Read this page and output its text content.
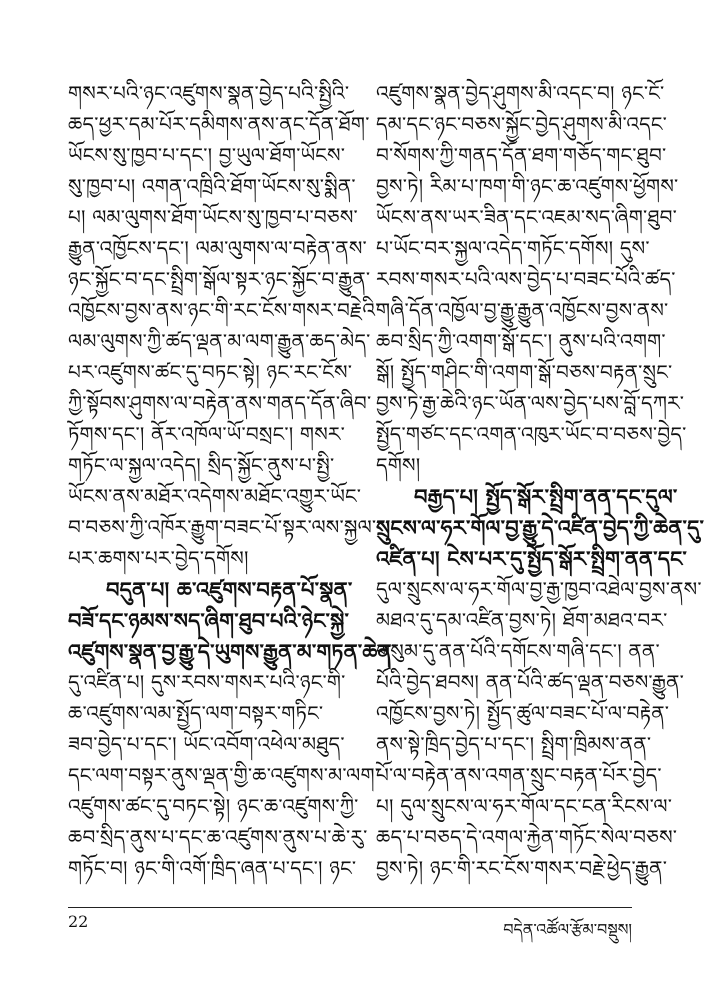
གསར་པའི་ཉང་འཛུགས་སྣན་བྱེད་པའི་སྤྱིའི་
ཆད་ཕྱར་དམ་པོར་དམིགས་ནས་ནང་དོན་ཐོག་
ཡོངས་སུ་ཁྱབ་པ་དང་། བྱ་ཡུལ་ཐོག་ཡོངས་
སུ་ཁྱབ་པ། འགན་འཁྲིའི་ཐོག་ཡོངས་སུ་སྨིན་
པ། ལམ་ལུགས་ཐོག་ཡོངས་སུ་ཁྱབ་པ་བཅས་
རྒྱུན་འཁྱོངས་དང་། ལམ་ལུགས་ལ་བརྟེན་ནས་
ཉང་སྐྱོང་བ་དང་སྤྲིག་སྒོལ་སྟར་ཉང་སྐྱོང་བ་རྒྱུན་
འཁྱོངས་བྱས་ནས་ཉང་གི་རང་ངོས་གསར་བརྗེའི་
ལམ་ལུགས་ཀྱི་ཚད་ལྡན་མ་ལག་རྒྱུན་ཆད་མེད་
པར་འཛུགས་ཚང་དུ་བཏང་སྟེ། ཉང་རང་ངོས་
ཀྱི་སྟོབས་ཤུགས་ལ་བརྟེན་ནས་གནད་དོན་ཞིབ་
ཏོགས་དང་། ནོར་འཁོལ་ཡོ་བསྲང་། གསར་
གཏོང་ལ་སྐྱལ་འདེད། སྲིད་སྐྱོང་ནུས་པ་སྤྱི་
ཡོངས་ནས་མཐོར་འདེགས་མཐོང་འགྱུར་ཡོང་
བ་བཅས་ཀྱི་འཁོར་རྒྱུག་བཟང་པོ་སྟར་ལས་སྐྱལ་
པར་ཆགས་པར་བྱེད་དགོས།
བདུན་པ། ཆ་འཛུགས་བརྟན་པོ་སྣན་
བཟོ་དང་ཉམས་སད་ཞིག་ཐུབ་པའི་ཉེང་སྐྱེ་
འཛུགས་སྣན་བྱ་རྒྱུ་དེ་ཡུགས་རྒྱུན་མ་གཏན་ཆེན་
དུ་འཛིན་པ། དུས་རབས་གསར་པའི་ཉང་གི་
ཆ་འཛུགས་ལམ་སྤྱོད་ལག་བསྟར་གཏིང་
ཟབ་བྱེད་པ་དང་། ཡོང་འབོག་འཕེལ་མཐུད་
དང་ལག་བསྟར་ནུས་ལྡན་གྱི་ཆ་འཛུགས་མ་ལག་
འཛུགས་ཚང་དུ་བཏང་སྟེ། ཉང་ཆ་འཛུགས་ཀྱི་
ཆབ་སྲིད་ནུས་པ་དང་ཆ་འཛུགས་ནུས་པ་ཆེ་རུ་
གཏོང་བ། ཉང་གི་འགོ་ཁྲིད་ཞན་པ་དང་། ཉང་
འཛུགས་སྣན་བྱེད་ཤུགས་མི་འདང་བ། ཉང་ངོ་
དམ་དང་ཉང་བཅས་སྐྱོང་བྱེད་ཤུགས་མི་འདང་
བ་སོགས་ཀྱི་གནད་དོན་ཐག་གཅོད་གང་ཐུབ་
བྱས་ཏེ། རིམ་པ་ཁག་གི་ཉང་ཆ་འཛུགས་ཕྱོགས་
ཡོངས་ནས་ཡར་ཟིན་དང་འཇམ་སད་ཞིག་ཐུབ་
པ་ཡོང་བར་སྐྱལ་འདེད་གཏོང་དགོས། དུས་
རབས་གསར་པའི་ལས་བྱེད་པ་བཟང་པོའི་ཚད་
གཞི་དོན་འཁྱོལ་བྱ་རྒྱུ་རྒྱུན་འཁྱོངས་བྱས་ནས་
ཆབ་སྲིད་ཀྱི་འགག་སྒོ་དང་། ནུས་པའི་འགག་
སྒོ། སྤྱོད་གཤིང་གི་འགག་སྒོ་བཅས་བརྟན་སྲུང་
བྱས་ཏེ་རྒྱ་ཆེའི་ཉང་ཡོན་ལས་བྱེད་པས་བློ་དཀར་
སྤྱོད་གཙང་དང་འགན་འཁུར་ཡོང་བ་བཅས་བྱེད་
དགོས།
བརྒྱད་པ། སྤྱོད་སྒོར་སྤྲིག་ནན་དང་དུལ་
སྲུངས་ལ་ཧར་གོལ་བྱ་རྒྱུ་དེ་འཛིན་བྱེད་ཀྱི་ཆེན་དུ་
འཛིན་པ། ངེས་པར་དུ་སྤྱོད་སྒོར་སྤྲིག་ནན་དང་
དུལ་སྲུངས་ལ་ཧར་གོལ་བྱ་རྒྱ་ཁྱབ་འཐེལ་བྱས་ནས་
མཐའ་དུ་དམ་འཛིན་བྱས་ཏེ། ཐོག་མཐའ་བར་
གསུམ་དུ་ནན་པོའི་དགོངས་གཞི་དང་། ནན་
པོའི་བྱེད་ཐབས། ནན་པོའི་ཚད་ལྡན་བཅས་རྒྱུན་
འཁྱོངས་བྱས་ཏེ། སྤྱོད་ཚུལ་བཟང་པོ་ལ་བརྟེན་
ནས་སྟེ་ཁྲིད་བྱེད་པ་དང་། སྤྲིག་ཁྲིམས་ནན་
པོ་ལ་བརྟེན་ནས་འགན་སྲུང་བརྟན་པོར་བྱེད་
པ། དུལ་སྲུངས་ལ་ཧར་གོལ་དང་ངན་རིངས་ལ་
ཆད་པ་བཅད་དེ་འགལ་རྐྱེན་གཏོང་སེལ་བཅས་
བྱས་ཏེ། ཉང་གི་རང་ངོས་གསར་བརྗེ་ཕྱེད་རྒྱུན་
22	བདེན་འཚོལ་རྩོམ་བསྡུས།
